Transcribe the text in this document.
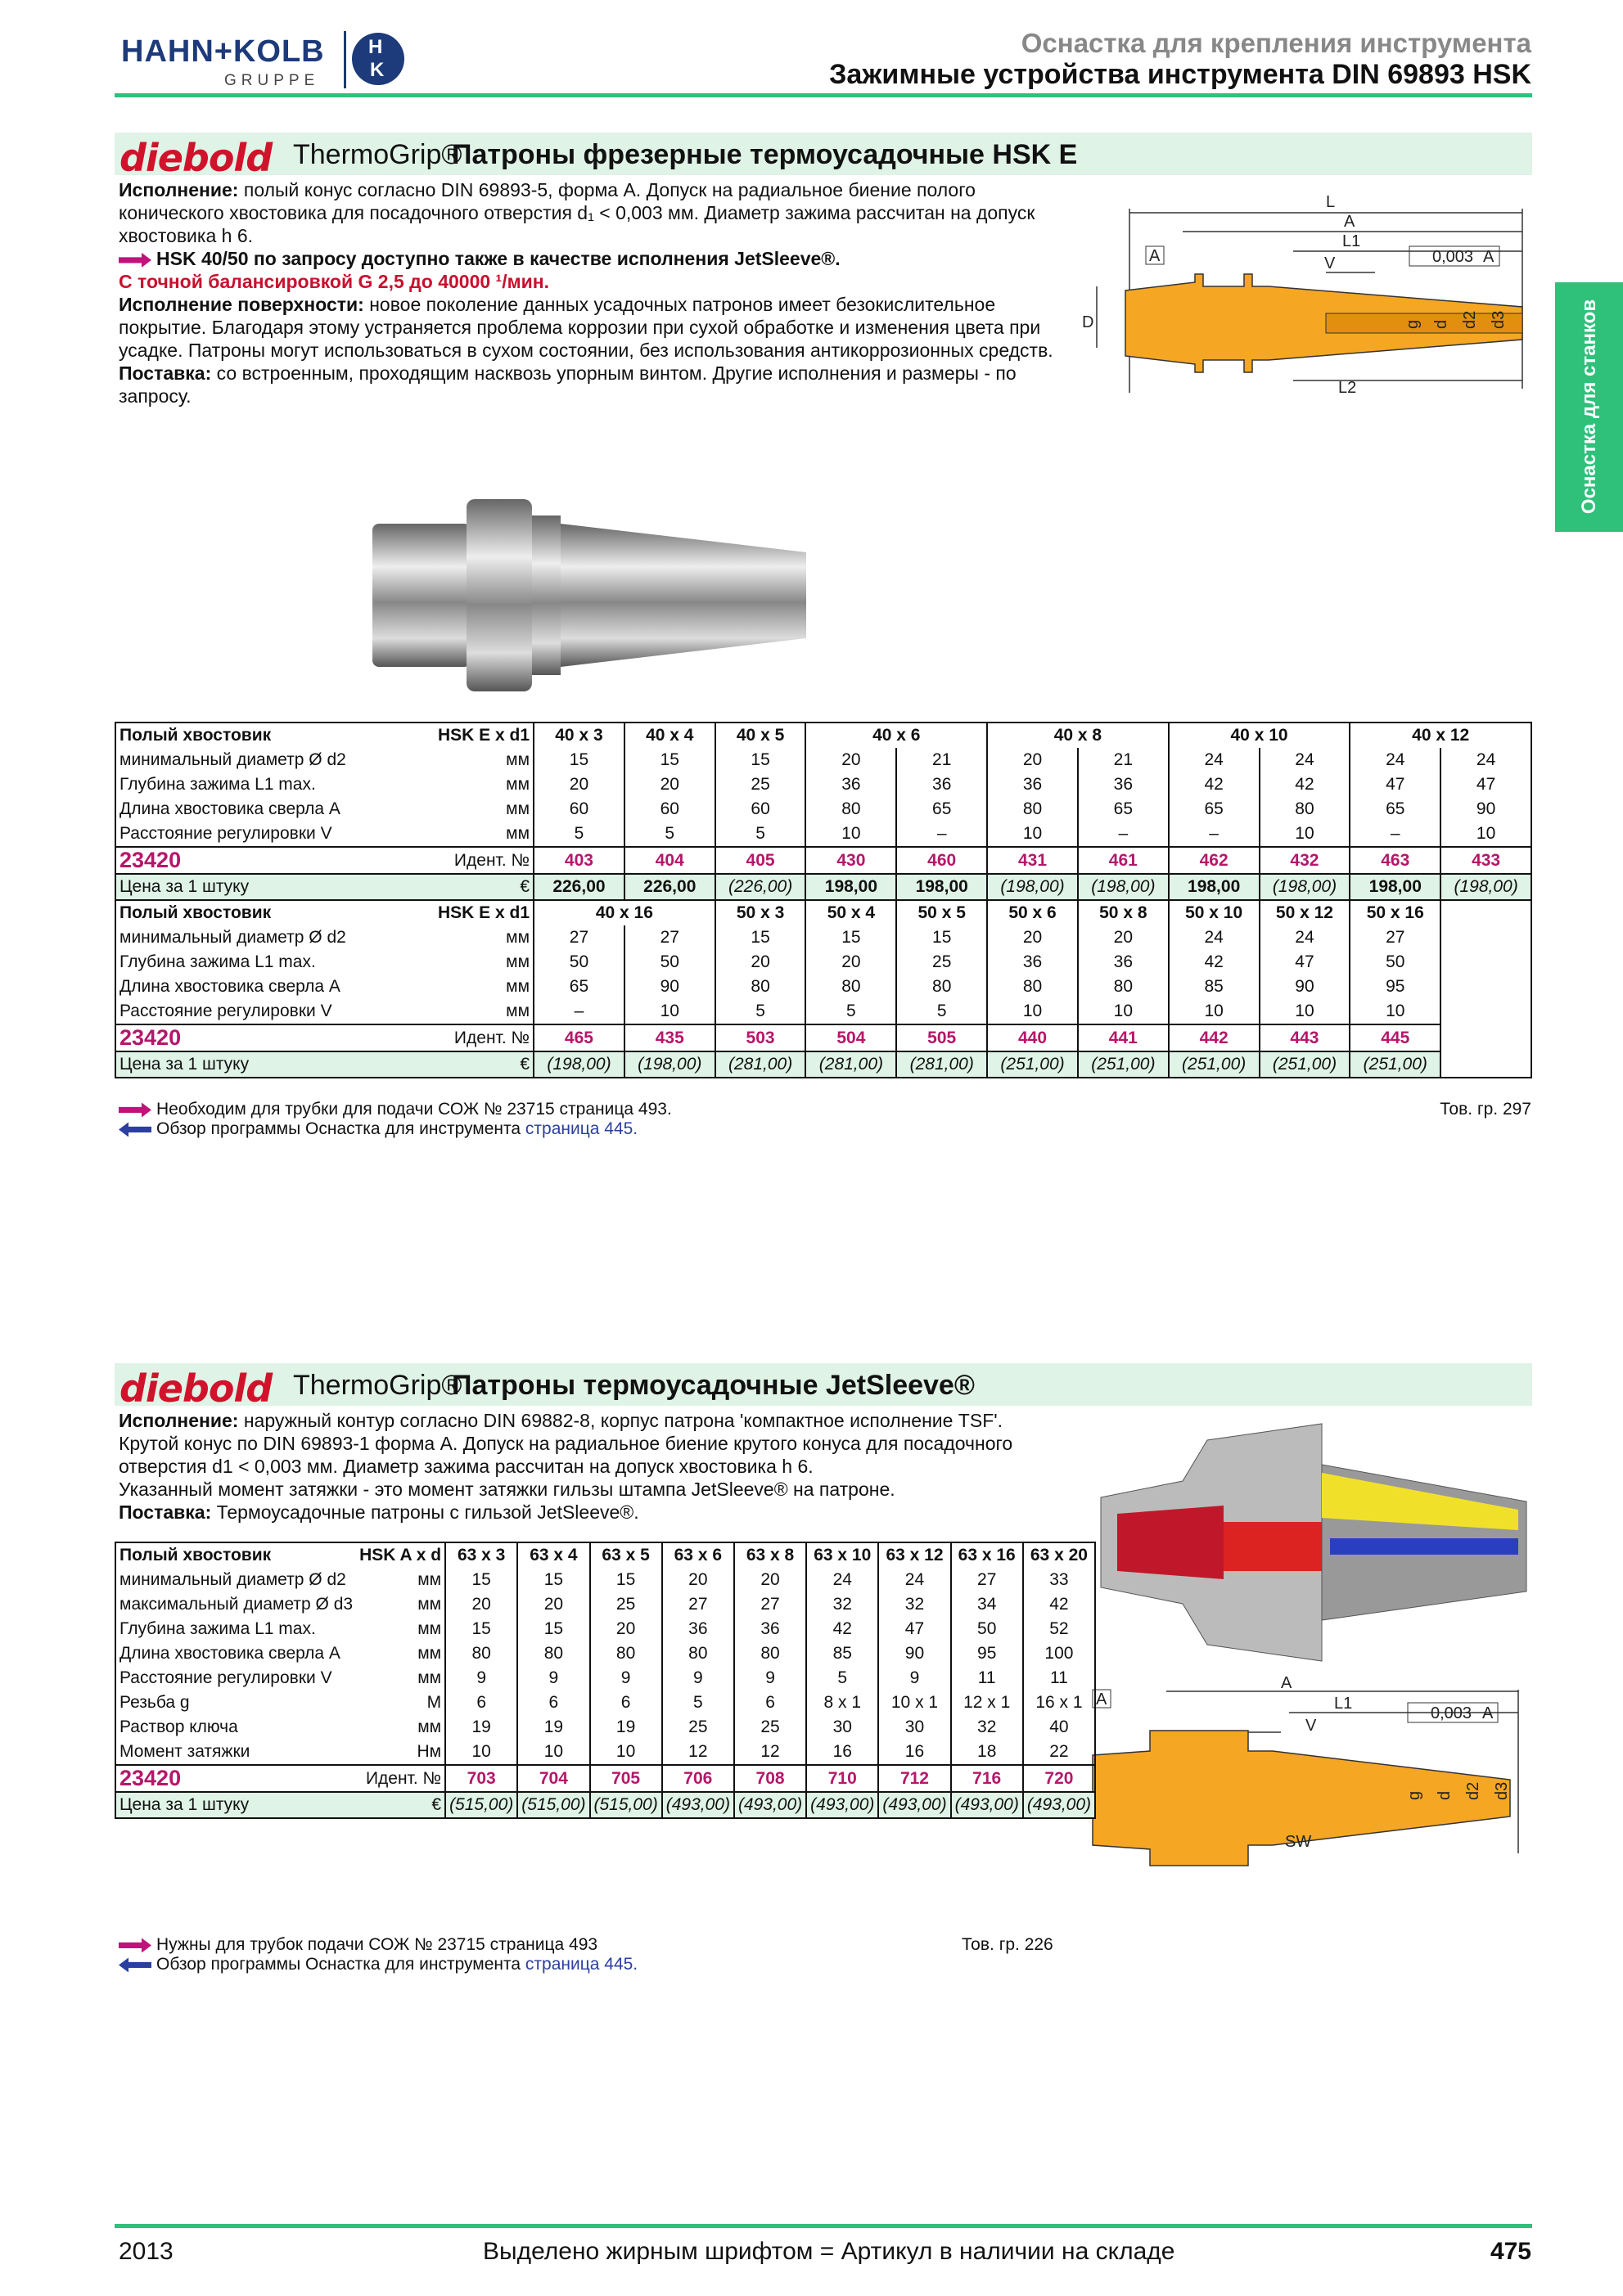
HAHN+KOLB
GRUPPE
H
K
Оснастка для крепления инструмента
Зажимные устройства инструмента DIN 69893 HSK
Оснастка для станков
diebold ThermoGrip®
Патроны фрезерные термоусадочные HSK E
Исполнение: полый конус согласно DIN 69893-5, форма А. Допуск на радиальное биение полого конического хвостовика для посадочного отверстия d₁ < 0,003 мм. Диаметр зажима рассчитан на допуск хвостовика h 6.
HSK 40/50 по запросу доступно также в качестве исполнения JetSleeve®.
С точной балансировкой G 2,5 до 40000 ¹/мин.
Исполнение поверхности: новое поколение данных усадочных патронов имеет безокислительное покрытие. Благодаря этому устраняется проблема коррозии при сухой обработке и изменения цвета при усадке. Патроны могут использоваться в сухом состоянии, без использования антикоррозионных средств.
Поставка: со встроенным, проходящим насквозь упорным винтом. Другие исполнения и размеры - по запросу.
L
A
L1
V
L2
D	g d d2 d3
A	0,003 A
Полый хвостовик	HSK E x d1	40 x 3	40 x 4	40 x 5	40 x 6		40 x 8		40 x 10		40 x 12	
минимальный диаметр Ø d2	мм	15	15	15	20	21	20	21	24	24	24	24
Глубина зажима L1 max.	мм	20	20	25	36	36	36	36	42	42	47	47
Длина хвостовика сверла А	мм	60	60	60	80	65	80	65	65	80	65	90
Расстояние регулировки V	мм	5	5	5	10	–	10	–	–	10	–	10
23420	Идент. №	403	404	405	430	460	431	461	462	432	463	433
Цена за 1 штуку	€	226,00	226,00	(226,00)	198,00	198,00	(198,00)	(198,00)	198,00	(198,00)	198,00	(198,00)
Полый хвостовик	HSK E x d1	40 x 16		50 x 3	50 x 4	50 x 5	50 x 6	50 x 8	50 x 10	50 x 12	50 x 16	
минимальный диаметр Ø d2	мм	27	27	15	15	15	20	20	24	24	27	
Глубина зажима L1 max.	мм	50	50	20	20	25	36	36	42	47	50	
Длина хвостовика сверла А	мм	65	90	80	80	80	80	80	85	90	95	
Расстояние регулировки V	мм	–	10	5	5	5	10	10	10	10	10	
23420	Идент. №	465	435	503	504	505	440	441	442	443	445	
Цена за 1 штуку	€	(198,00)	(198,00)	(281,00)	(281,00)	(281,00)	(251,00)	(251,00)	(251,00)	(251,00)	(251,00)	
Необходим для трубки для подачи СОЖ № 23715 страница 493.
Обзор программы Оснастка для инструмента страница 445.
Тов. гр. 297
diebold ThermoGrip®
Патроны термоусадочные JetSleeve®
Исполнение: наружный контур согласно DIN 69882-8, корпус патрона 'компактное исполнение TSF'. Крутой конус по DIN 69893-1 форма А. Допуск на радиальное биение крутого конуса для посадочного отверстия d1 < 0,003 мм. Диаметр зажима рассчитан на допуск хвостовика h 6.
Указанный момент затяжки - это момент затяжки гильзы штампа JetSleeve® на патроне.
Поставка: Термоусадочные патроны с гильзой JetSleeve®.
A
L1
V
SW
g d d2 d3
A
0,003 A
Полый хвостовик	HSK A x d	63 x 3	63 x 4	63 x 5	63 x 6	63 x 8	63 x 10	63 x 12	63 x 16	63 x 20
минимальный диаметр Ø d2	мм	15	15	15	20	20	24	24	27	33
максимальный диаметр Ø d3	мм	20	20	25	27	27	32	32	34	42
Глубина зажима L1 max.	мм	15	15	20	36	36	42	47	50	52
Длина хвостовика сверла А	мм	80	80	80	80	80	85	90	95	100
Расстояние регулировки V	мм	9	9	9	9	9	5	9	11	11
Резьба g	M	6	6	6	5	6	8 x 1	10 x 1	12 x 1	16 x 1
Раствор ключа	мм	19	19	19	25	25	30	30	32	40
Момент затяжки	Нм	10	10	10	12	12	16	16	18	22
23420	Идент. №	703	704	705	706	708	710	712	716	720
Цена за 1 штуку	€	(515,00)	(515,00)	(515,00)	(493,00)	(493,00)	(493,00)	(493,00)	(493,00)	(493,00)
Нужны для трубок подачи СОЖ № 23715 страница 493
Обзор программы Оснастка для инструмента страница 445.
Тов. гр. 226
2013	Выделено жирным шрифтом = Артикул в наличии на складе	475
